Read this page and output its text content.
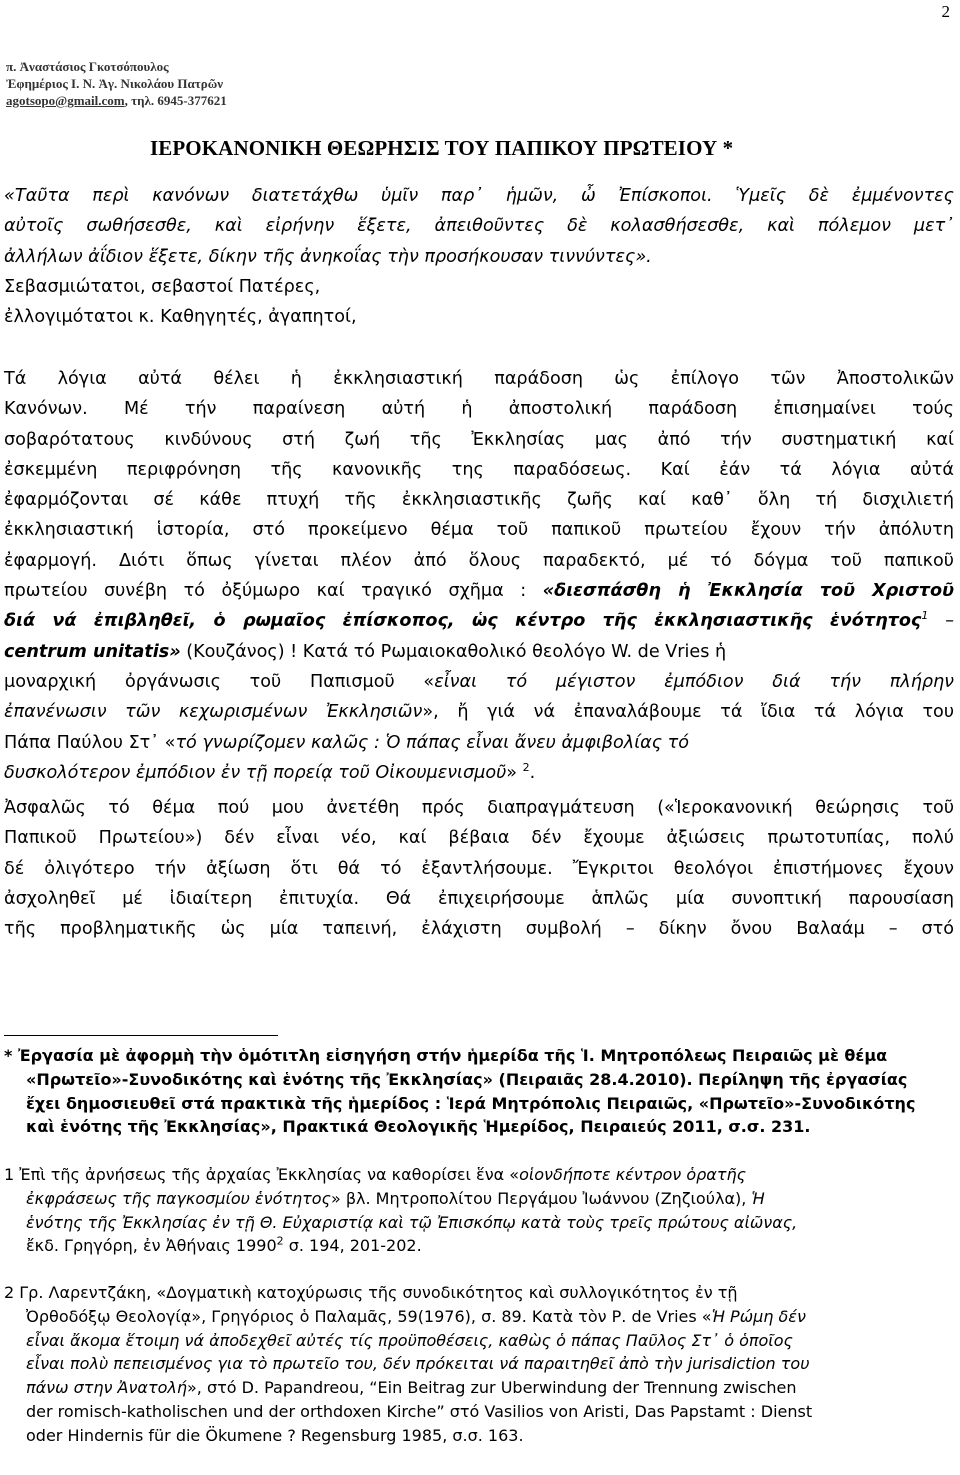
2
π. Ἀναστάσιος Γκοτσόπουλος
Ἐφημέριος Ι. Ν. Ἁγ. Νικολάου Πατρῶν
agotsopo@gmail.com, τηλ. 6945-377621
ΙΕΡΟΚΑΝΟΝΙΚΗ ΘΕΩΡΗΣΙΣ ΤΟΥ ΠΑΠΙΚΟΥ ΠΡΩΤΕΙΟΥ *
«Ταῦτα περὶ κανόνων διατετάχθω ὑμῖν παρ᾽ ἡμῶν, ὦ Ἐπίσκοποι. Ὑμεῖς δὲ ἐμμένοντες
αὐτοῖς σωθήσεσθε, καὶ εἰρήνην ἕξετε, ἀπειθοῦντες δὲ κολασθήσεσθε, καὶ πόλεμον μετ᾽
ἀλλήλων ἀΐδιον ἕξετε, δίκην τῆς ἀνηκοΐας τὴν προσήκουσαν τιννύντες».
Σεβασμιώτατοι, σεβαστοί Πατέρες,
ἐλλογιμότατοι κ. Καθηγητές, ἀγαπητοί,
Τά λόγια αὐτά θέλει ἡ ἐκκλησιαστική παράδοση ὡς ἐπίλογο τῶν Ἀποστολικῶν
Κανόνων. Μέ τήν παραίνεση αὐτή ἡ ἀποστολική παράδοση ἐπισημαίνει τούς
σοβαρότατους κινδύνους στή ζωή τῆς Ἐκκλησίας μας ἀπό τήν συστηματική καί
ἐσκεμμένη περιφρόνηση τῆς κανονικῆς της παραδόσεως. Καί ἐάν τά λόγια αὐτά
ἐφαρμόζονται σέ κάθε πτυχή τῆς ἐκκλησιαστικῆς ζωῆς καί καθ᾽ ὅλη τή δισχιλιετή
ἐκκλησιαστική ἱστορία, στό προκείμενο θέμα τοῦ παπικοῦ πρωτείου ἔχουν τήν ἀπόλυτη
ἐφαρμογή. Διότι ὅπως γίνεται πλέον ἀπό ὅλους παραδεκτό, μέ τό δόγμα τοῦ παπικοῦ
πρωτείου συνέβη τό ὀξύμωρο καί τραγικό σχῆμα : «διεσπάσθη ἡ Ἐκκλησία τοῦ Χριστοῦ
διά νά ἐπιβληθεῖ, ὁ ρωμαῖος ἐπίσκοπος, ὡς κέντρο τῆς ἐκκλησιαστικῆς ἑνότητος$^1$ –
centrum unitatis» (Κουζάνος) ! Κατά τό Ρωμαιοκαθολικό θεολόγο W. de Vries ἡ
μοναρχική ὀργάνωσις τοῦ Παπισμοῦ «εἶναι τό μέγιστον ἐμπόδιον διά τήν πλήρην
ἐπανένωσιν τῶν κεχωρισμένων Ἐκκλησιῶν», ἤ γιά νά ἐπαναλάβουμε τά ἴδια τά λόγια του
Πάπα Παύλου Στ᾽ «τό γνωρίζομεν καλῶς : Ὁ πάπας εἶναι ἄνευ ἀμφιβολίας τό
δυσκολότερον ἐμπόδιον ἐν τῇ πορείᾳ τοῦ Οἰκουμενισμοῦ» $^2$.
Ἀσφαλῶς τό θέμα πού μου ἀνετέθη πρός διαπραγμάτευση («Ἱεροκανονική θεώρησις τοῦ
Παπικοῦ Πρωτείου») δέν εἶναι νέο, καί βέβαια δέν ἔχουμε ἀξιώσεις πρωτοτυπίας, πολύ
δέ ὀλιγότερο τήν ἀξίωση ὅτι θά τό ἐξαντλήσουμε. Ἔγκριτοι θεολόγοι ἐπιστήμονες ἔχουν
ἀσχοληθεῖ μέ ἰδιαίτερη ἐπιτυχία. Θά ἐπιχειρήσουμε ἁπλῶς μία συνοπτική παρουσίαση
τῆς προβληματικῆς ὡς μία ταπεινή, ἐλάχιστη συμβολή – δίκην ὄνου Βαλαάμ – στό
* Ἐργασία μὲ ἀφορμὴ τὴν ὁμότιτλη εἰσηγήση στήν ἡμερίδα τῆς Ἱ. Μητροπόλεως Πειραιῶς μὲ θέμα
«Πρωτεῖο»-Συνοδικότης καὶ ἑνότης τῆς Ἐκκλησίας» (Πειραιᾶς 28.4.2010). Περίληψη τῆς ἐργασίας
ἔχει δημοσιευθεῖ στά πρακτικὰ τῆς ἡμερίδος : Ἱερά Μητρόπολις Πειραιῶς, «Πρωτεῖο»-Συνοδικότης
καὶ ἑνότης τῆς Ἐκκλησίας», Πρακτικά Θεολογικῆς Ἡμερίδος, Πειραιεύς 2011, σ.σ. 231.
1 Ἐπὶ τῆς ἀρνήσεως τῆς ἀρχαίας Ἐκκλησίας να καθορίσει ἕνα «οἱονδήποτε κέντρον ὁρατῆς
ἐκφράσεως τῆς παγκοσμίου ἑνότητος» βλ. Μητροπολίτου Περγάμου Ἰωάννου (Ζηζιούλα), Ἡ
ἑνότης τῆς Ἐκκλησίας ἐν τῇ Θ. Εὐχαριστίᾳ καὶ τῷ Ἐπισκόπῳ κατὰ τοὺς τρεῖς πρώτους αἰῶνας,
ἔκδ. Γρηγόρη, ἐν Ἀθήναις 1990$^2$ σ. 194, 201-202.
2 Γρ. Λαρεντζάκη, «Δογματικὴ κατοχύρωσις τῆς συνοδικότητος καὶ συλλογικότητος ἐν τῇ
Ὀρθοδόξῳ Θεολογίᾳ», Γρηγόριος ὁ Παλαμᾶς, 59(1976), σ. 89. Κατὰ τὸν Ρ. de Vries «Ἡ Ρώμη δέν
εἶναι ἄκομα ἕτοιμη νά ἀποδεχθεῖ αὐτές τίς προϋποθέσεις, καθὼς ὁ πάπας Παῦλος Στ᾽ ὁ ὁποῖος
εἶναι πολὺ πεπεισμένος για τὸ πρωτεῖο του, δέν πρόκειται νά παραιτηθεῖ ἀπὸ τὴν jurisdiction του
πάνω στην Ἀνατολή», στό D. Papandreou, “Ein Beitrag zur Uberwindung der Trennung zwischen
der romisch-katholischen und der orthdoxen Kirche” στό Vasilios von Aristi, Das Papstamt : Dienst
oder Hindernis für die Ökumene ? Regensburg 1985, σ.σ. 163.
